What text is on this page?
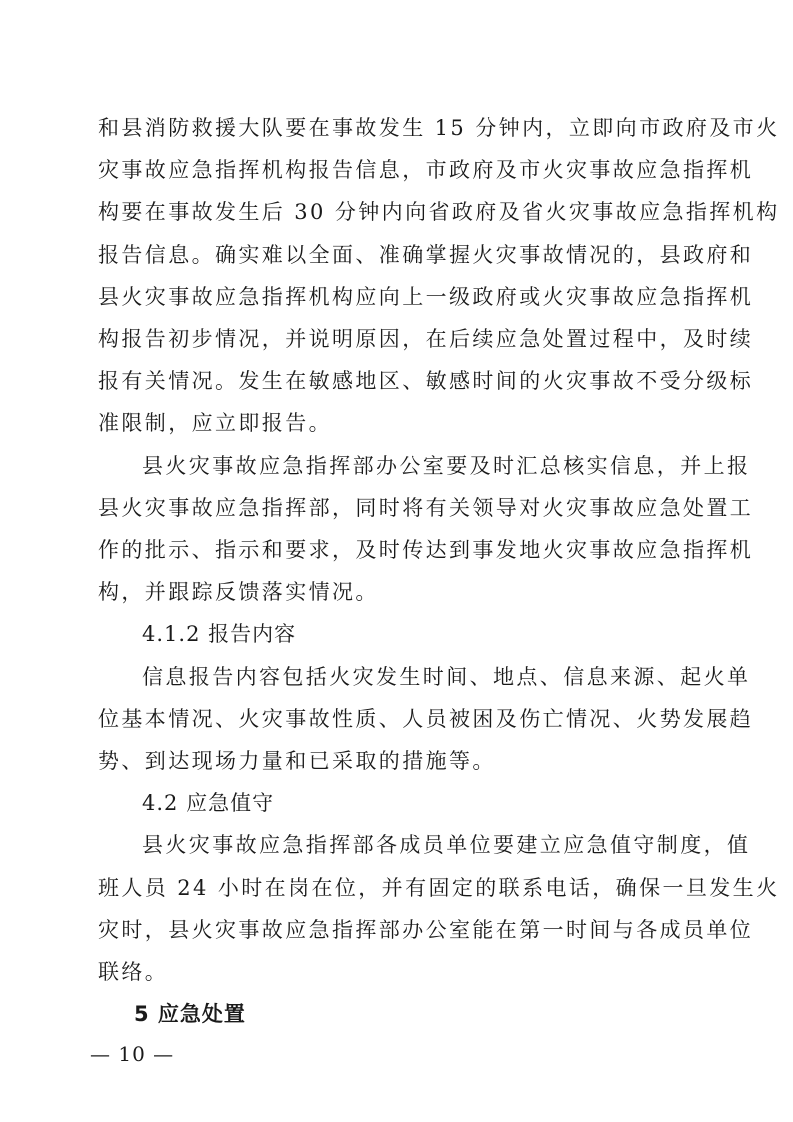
和县消防救援大队要在事故发生 15 分钟内，立即向市政府及市火
灾事故应急指挥机构报告信息，市政府及市火灾事故应急指挥机
构要在事故发生后 30 分钟内向省政府及省火灾事故应急指挥机构
报告信息。确实难以全面、准确掌握火灾事故情况的，县政府和
县火灾事故应急指挥机构应向上一级政府或火灾事故应急指挥机
构报告初步情况，并说明原因，在后续应急处置过程中，及时续
报有关情况。发生在敏感地区、敏感时间的火灾事故不受分级标
准限制，应立即报告。
县火灾事故应急指挥部办公室要及时汇总核实信息，并上报
县火灾事故应急指挥部，同时将有关领导对火灾事故应急处置工
作的批示、指示和要求，及时传达到事发地火灾事故应急指挥机
构，并跟踪反馈落实情况。
4.1.2 报告内容
信息报告内容包括火灾发生时间、地点、信息来源、起火单
位基本情况、火灾事故性质、人员被困及伤亡情况、火势发展趋
势、到达现场力量和已采取的措施等。
4.2 应急值守
县火灾事故应急指挥部各成员单位要建立应急值守制度，值
班人员 24 小时在岗在位，并有固定的联系电话，确保一旦发生火
灾时，县火灾事故应急指挥部办公室能在第一时间与各成员单位
联络。
5 应急处置
— 10 —
